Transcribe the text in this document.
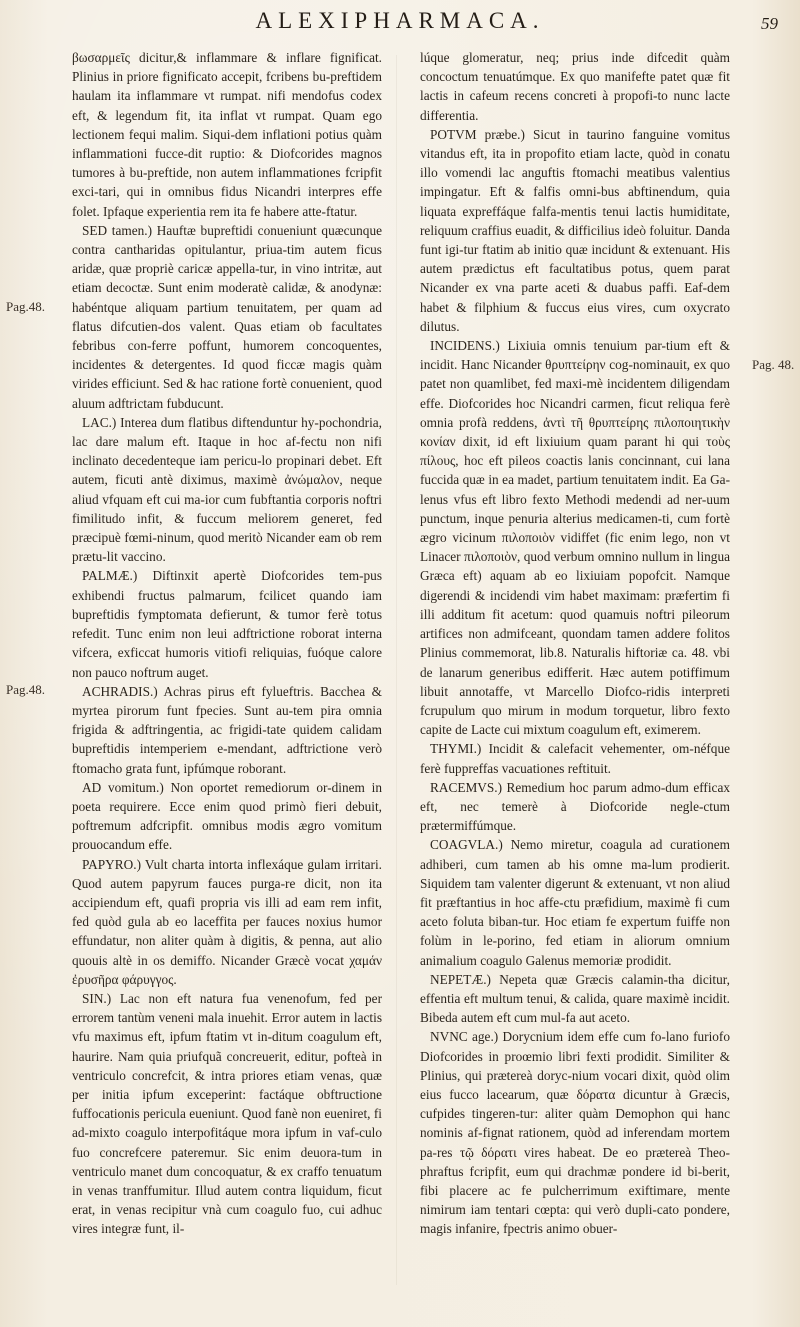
ALEXIPHARMACA.	59
Pag.48.
Pag.48.
Pag. 48.

βωσαρμεῖς dicitur,& inflammare & inflare fignificat. Plinius in priore fignificato accepit, fcribens bu-preftidem haulam ita inflammare vt rumpat. nifi mendofus codex eft, & legendum fit, ita inflat vt rumpat. Quam ego lectionem fequi malim. Siqui-dem inflationi potius quàm inflammationi fucce-dit ruptio: & Diofcorides magnos tumores à bu-preftide, non autem inflammationes fcripfit exci-tari, qui in omnibus fidus Nicandri interpres effe folet. Ipfaque experientia rem ita fe habere atte-ftatur.

SED tamen.) Hauftæ bupreftidi conueniunt quæcunque contra cantharidas opitulantur, priua-tim autem ficus aridæ, quæ propriè caricæ appella-tur, in vino intritæ, aut etiam decoctæ. Sunt enim moderatè calidæ, & anodynæ: habéntque aliquam partium tenuitatem, per quam ad flatus difcutien-dos valent. Quas etiam ob facultates febribus con-ferre poffunt, humorem concoquentes, incidentes & detergentes. Id quod ficcæ magis quàm virides efficiunt. Sed & hac ratione fortè conuenient, quod aluum adftrictam fubducunt.

LAC.) Interea dum flatibus diftenduntur hy-pochondria, lac dare malum eft. Itaque in hoc af-fectu non nifi inclinato decedenteque iam pericu-lo propinari debet. Eft autem, ficuti antè diximus, maximè ἀνώμαλον, neque aliud vfquam eft cui ma-ior cum fubftantia corporis noftri fimilitudo infit, & fuccum meliorem generet, fed præcipuè fœmi-ninum, quod meritò Nicander eam ob rem prætu-lit vaccino.

PALMÆ.) Diftinxit apertè Diofcorides tem-pus exhibendi fructus palmarum, fcilicet quando iam bupreftidis fymptomata defierunt, & tumor ferè totus refedit. Tunc enim non leui adftrictione roborat interna vifcera, exficcat humoris vitiofi reliquias, fuóque calore non pauco noftrum auget.

ACHRADIS.) Achras pirus eft fylueftris. Bacchea & myrtea pirorum funt fpecies. Sunt au-tem pira omnia frigida & adftringentia, ac frigidi-tate quidem calidam bupreftidis intemperiem e-mendant, adftrictione verò ftomacho grata funt, ipfúmque roborant.

AD vomitum.) Non oportet remediorum or-dinem in poeta requirere. Ecce enim quod primò fieri debuit, poftremum adfcripfit. omnibus modis ægro vomitum prouocandum effe.

PAPYRO.) Vult charta intorta inflexáque gulam irritari. Quod autem papyrum fauces purga-re dicit, non ita accipiendum eft, quafi propria vis illi ad eam rem infit, fed quòd gula ab eo laceffita per fauces noxius humor effundatur, non aliter quàm à digitis, & penna, aut alio quouis altè in os demiffo. Nicander Græcè vocat χαμάν ἐρυσῆρα φάρυγγος.

SIN.) Lac non eft natura fua venenofum, fed per errorem tantùm veneni mala inuehit. Error autem in lactis vfu maximus eft, ipfum ftatim vt in-ditum coagulum eft, haurire. Nam quia priufquã concreuerit, editur, pofteà in ventriculo concrefcit, & intra priores etiam venas, quæ per initia ipfum exceperint: factáque obftructione fuffocationis pericula eueniunt. Quod fanè non eueniret, fi ad-mixto coagulo interpofitáque mora ipfum in vaf-culo fuo concrefcere pateremur. Sic enim deuora-tum in ventriculo manet dum concoquatur, & ex craffo tenuatum in venas tranffumitur. Illud autem contra liquidum, ficut erat, in venas recipitur vnà cum coagulo fuo, cui adhuc vires integræ funt, il-

lúque glomeratur, neq; prius inde difcedit quàm concoctum tenuatúmque. Ex quo manifefte patet quæ fit lactis in cafeum recens concreti à propofi-to nunc lacte differentia.

POTVM præbe.) Sicut in taurino fanguine vomitus vitandus eft, ita in propofito etiam lacte, quòd in conatu illo vomendi lac anguftis ftomachi meatibus valentius impingatur. Eft & falfis omni-bus abftinendum, quia liquata expreffáque falfa-mentis tenui lactis humiditate, reliquum craffius euadit, & difficilius ideò foluitur. Danda funt igi-tur ftatim ab initio quæ incidunt & extenuant. His autem prædictus eft facultatibus potus, quem parat Nicander ex vna parte aceti & duabus paffi. Eaf-dem habet & filphium & fuccus eius vires, cum oxycrato dilutus.

INCIDENS.) Lixiuia omnis tenuium par-tium eft & incidit. Hanc Nicander θρυπτείρην cog-nominauit, ex quo patet non quamlibet, fed maxi-mè incidentem diligendam effe. Diofcorides hoc Nicandri carmen, ficut reliqua ferè omnia profà reddens, ἀντὶ τῆ θρυπτείρης πιλοποιητικὴν κονίαν dixit, id eft lixiuium quam parant hi qui τοὺς πίλους, hoc eft pileos coactis lanis concinnant, cui lana fuccida quæ in ea madet, partium tenuitatem indit. Ea Ga-lenus vfus eft libro fexto Methodi medendi ad ner-uum punctum, inque penuria alterius medicamen-ti, cum fortè ægro vicinum πιλοποιὸν vidiffet (fic enim lego, non vt Linacer πιλοποιὸν, quod verbum omnino nullum in lingua Græca eft) aquam ab eo lixiuiam popofcit. Namque digerendi & incidendi vim habet maximam: præfertim fi illi additum fit acetum: quod quamuis noftri pileorum artifices non admifceant, quondam tamen addere folitos Plinius commemorat, lib.8. Naturalis hiftoriæ ca. 48. vbi de lanarum generibus edifferit. Hæc autem potiffimum libuit annotaffe, vt Marcello Diofco-ridis interpreti fcrupulum quo mirum in modum torquetur, libro fexto capite de Lacte cui mixtum coagulum eft, eximerem.

THYMI.) Incidit & calefacit vehementer, om-néfque ferè fuppreffas vacuationes reftituit.

RACEMVS.) Remedium hoc parum admo-dum efficax eft, nec temerè à Diofcoride negle-ctum prætermiffúmque.

COAGVLA.) Nemo miretur, coagula ad curationem adhiberi, cum tamen ab his omne ma-lum prodierit. Siquidem tam valenter digerunt & extenuant, vt non aliud fit præftantius in hoc affe-ctu præfidium, maximè fi cum aceto foluta biban-tur. Hoc etiam fe expertum fuiffe non folùm in le-porino, fed etiam in aliorum omnium animalium coagulo Galenus memoriæ prodidit.

NEPETÆ.) Nepeta quæ Græcis calamin-tha dicitur, effentia eft multum tenui, & calida, quare maximè incidit. Bibeda autem eft cum mul-fa aut aceto.

NVNC age.) Dorycnium idem effe cum fo-lano furiofo Diofcorides in proœmio libri fexti prodidit. Similiter & Plinius, qui prætereà doryc-nium vocari dixit, quòd olim eius fucco lacearum, quæ δόρατα dicuntur à Græcis, cufpides tingeren-tur: aliter quàm Demophon qui hanc nominis af-fignat rationem, quòd ad inferendam mortem pa-res τῷ δόρατι vires habeat. De eo prætereà Theo-phraftus fcripfit, eum qui drachmæ pondere id bi-berit, fibi placere ac fe pulcherrimum exiftimare, mente nimirum iam tentari cœpta: qui verò dupli-cato pondere, magis infanire, fpectris animo obuer-
